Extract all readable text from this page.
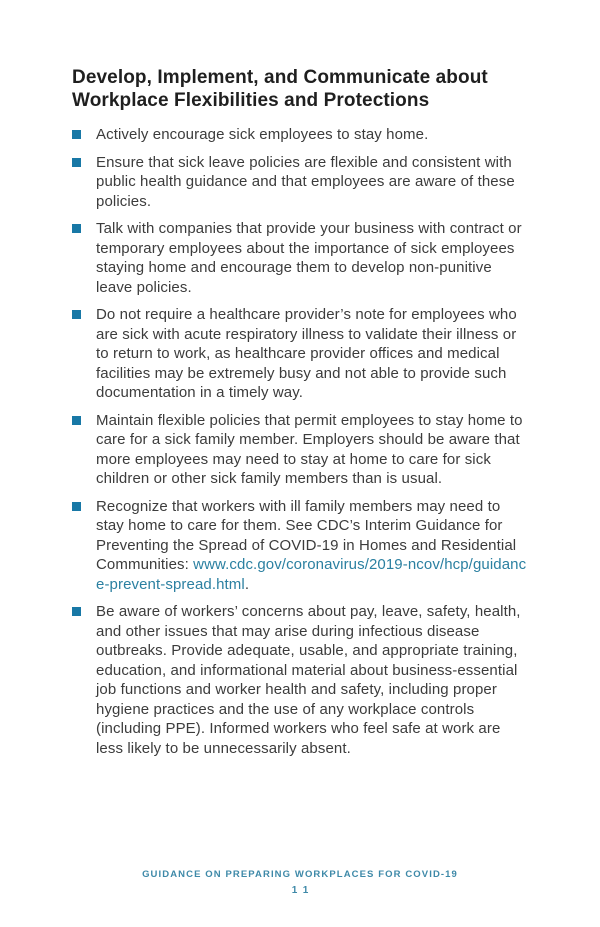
Develop, Implement, and Communicate about Workplace Flexibilities and Protections
Actively encourage sick employees to stay home.
Ensure that sick leave policies are flexible and consistent with public health guidance and that employees are aware of these policies.
Talk with companies that provide your business with contract or temporary employees about the importance of sick employees staying home and encourage them to develop non-punitive leave policies.
Do not require a healthcare provider’s note for employees who are sick with acute respiratory illness to validate their illness or to return to work, as healthcare provider offices and medical facilities may be extremely busy and not able to provide such documentation in a timely way.
Maintain flexible policies that permit employees to stay home to care for a sick family member. Employers should be aware that more employees may need to stay at home to care for sick children or other sick family members than is usual.
Recognize that workers with ill family members may need to stay home to care for them. See CDC’s Interim Guidance for Preventing the Spread of COVID-19 in Homes and Residential Communities: www.cdc.gov/coronavirus/2019-ncov/hcp/guidance-prevent-spread.html.
Be aware of workers’ concerns about pay, leave, safety, health, and other issues that may arise during infectious disease outbreaks. Provide adequate, usable, and appropriate training, education, and informational material about business-essential job functions and worker health and safety, including proper hygiene practices and the use of any workplace controls (including PPE). Informed workers who feel safe at work are less likely to be unnecessarily absent.
GUIDANCE ON PREPARING WORKPLACES FOR COVID-19
11
